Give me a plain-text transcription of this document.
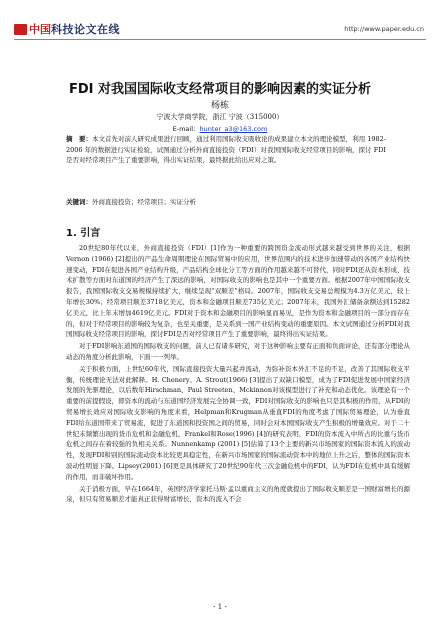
中国 科技论文在线	http://www.paper.edu.cn
FDI 对我国国际收支经常项目的影响因素的实证分析
杨栋
宁波大学商学院，浙江 宁波（315000）
E-mail：hunter_a3@163.com
摘　要：本文首先对前人研究成果进行回顾，通过利用国际收支吸收论的成果建立本文的理论模型，利用 1982-2006 年的数据进行实证检验，试图通过分析外商直接投资（FDI）对我国国际收支经常项目的影响，探讨 FDI 是否对经常项目产生了重要影响，得出实证结果，最终据此给出应对之策。
关键词：外商直接投资；经常项目；实证分析
1. 引言

20世纪80年代以来，外商直接投资（FDI）[1]作为一种重要的跨国资金流动形式越来越受到世界的关注，根据Vernon (1966) [2]提出的产品生命周期理论在国际贸易中的应用，世界范围内的技术进步加速带动的各国产业结构快速变动，FDI在促进各国产业结构升级，产品结构全球化分工等方面的作用越来越不可替代，同时FDI还从资本形成、技术扩散等方面对东道国的经济产生了深远的影响，对国际收支的影响也是其中一个重要方面。根据2007年中国国际收支报告，我国国际收支交易规模持续扩大，继续呈现“双顺差”格局。2007年，国际收支交易总规模为4.3万亿美元，较上年增长30%；经常项目顺差3718亿美元，资本和金融项目顺差735亿美元；2007年末，我国外汇储备余额达到15282亿美元，比上年末增加4619亿美元。FDI对于资本和金融项目的影响显而易见，是作为资本和金融项目的一部分而存在的，但对于经常项目的影响较为复杂，也至关重要，是关系到一国产业结构变动的重要原因。本文试图通过分析FDI对我国国际收支经常项目的影响，探讨FDI是否对经常项目产生了重要影响，最终得出实证结果。

对于FDI影响东道国的国际收支的问题，前人已有诸多研究，对于这种影响主要有正面和负面评论，还有部分理论从动态的角度分析此影响，下面一一列举。

关于积极方面，上世纪60年代，国际直接投资大量兴起并流动，为弥补资本外汇不足的不足，改善了其国际收支平衡，传统理论无法对此解释。H. Chenery、A. Strout(1966) [3]提出了双缺口模型，成为了FDI促进发展中国家经济发展的先驱理论，以后数年Hirschman、Paul Streeten、Mckinnon对该模型进行了补充和动态优化。该理论有一个重要的前提假设，即资本的流动与东道国经济发展完全协调一致，FDI对国际收支的影响也只是其积极的作用，从FDI的贸易增长效应对国际收支影响的角度来看，Helpman和Krugman从垂直FDI的角度考虑了国际贸易理论，认为垂直FDI给东道国带来了贸易流，促进了东道国和投资国之间的贸易，同时会对本国国际收支产生积极的增量效应。对于二十世纪末频繁出现的货币危机和金融危机，Frankel和Rose(1996) [4]的研究表明，FDI的资本流入中所占的比重与货币危机之间存在着较强的负相关关系。Nunnenkamp (2001) [5]估算了13个主要的新兴市场国家的国际资本流入的波动性，发现FDI和别的国际流动资本比较更具稳定性，在新兴市场国家的国际流动资本中的地位上升之后，整体的国际资本波动性明显下降。Lipsey(2001) [6]更是具体研究了20世纪90年代三次金融危机中的FDI，认为FDI在危机中具有缓解的作用，而非破坏作用。

关于消极方面，早在1664年，英国经济学家托马斯·孟以重商主义的角度就提出了国际收支顺差是一国财富增长的源泉，但只有贸易顺差才能真正获得财富增长，资本的流入不会

- 1 -
